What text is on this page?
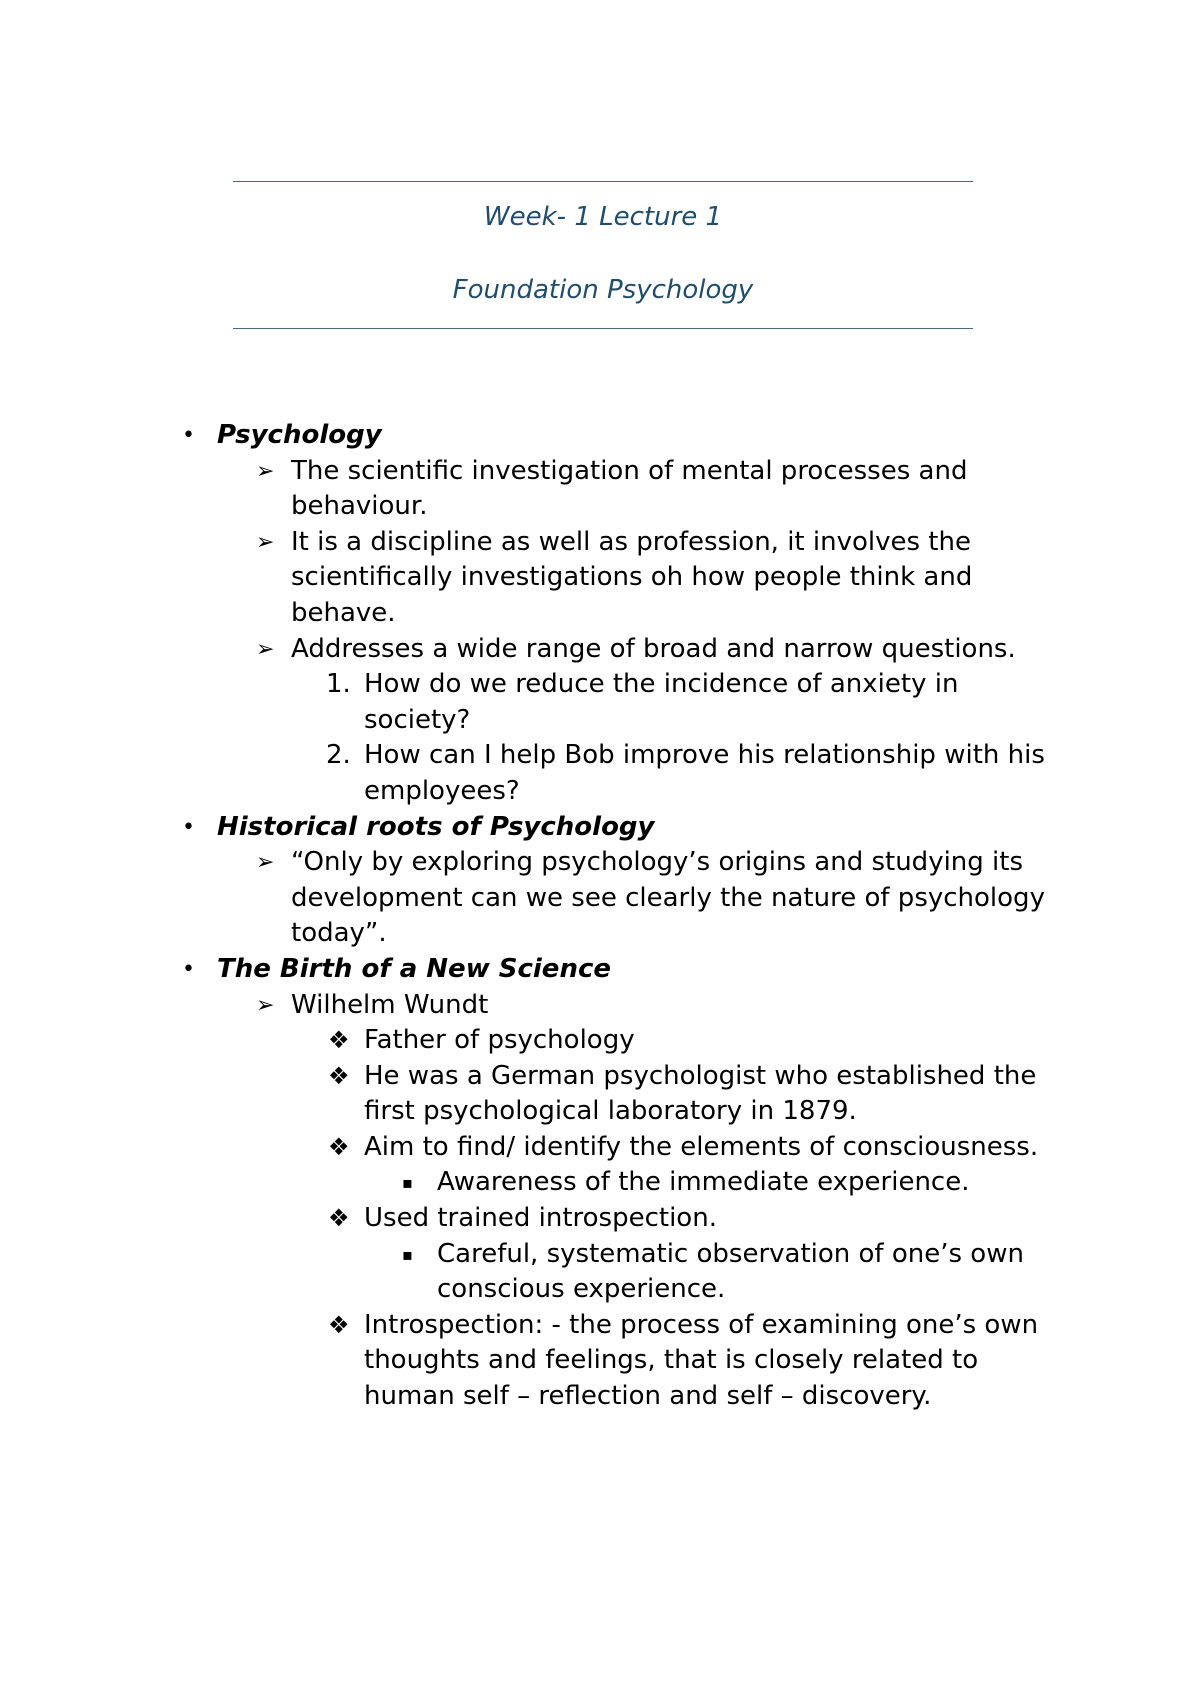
Week- 1 Lecture 1
Foundation Psychology
• Psychology
➢ The scientific investigation of mental processes and behaviour.
➢ It is a discipline as well as profession, it involves the scientifically investigations oh how people think and behave.
➢ Addresses a wide range of broad and narrow questions.
1. How do we reduce the incidence of anxiety in society?
2. How can I help Bob improve his relationship with his employees?
• Historical roots of Psychology
➢ “Only by exploring psychology’s origins and studying its development can we see clearly the nature of psychology today”.
• The Birth of a New Science
➢ Wilhelm Wundt
❖ Father of psychology
❖ He was a German psychologist who established the first psychological laboratory in 1879.
❖ Aim to find/ identify the elements of consciousness.
▪ Awareness of the immediate experience.
❖ Used trained introspection.
▪ Careful, systematic observation of one’s own conscious experience.
❖ Introspection: - the process of examining one’s own thoughts and feelings, that is closely related to human self – reflection and self – discovery.
